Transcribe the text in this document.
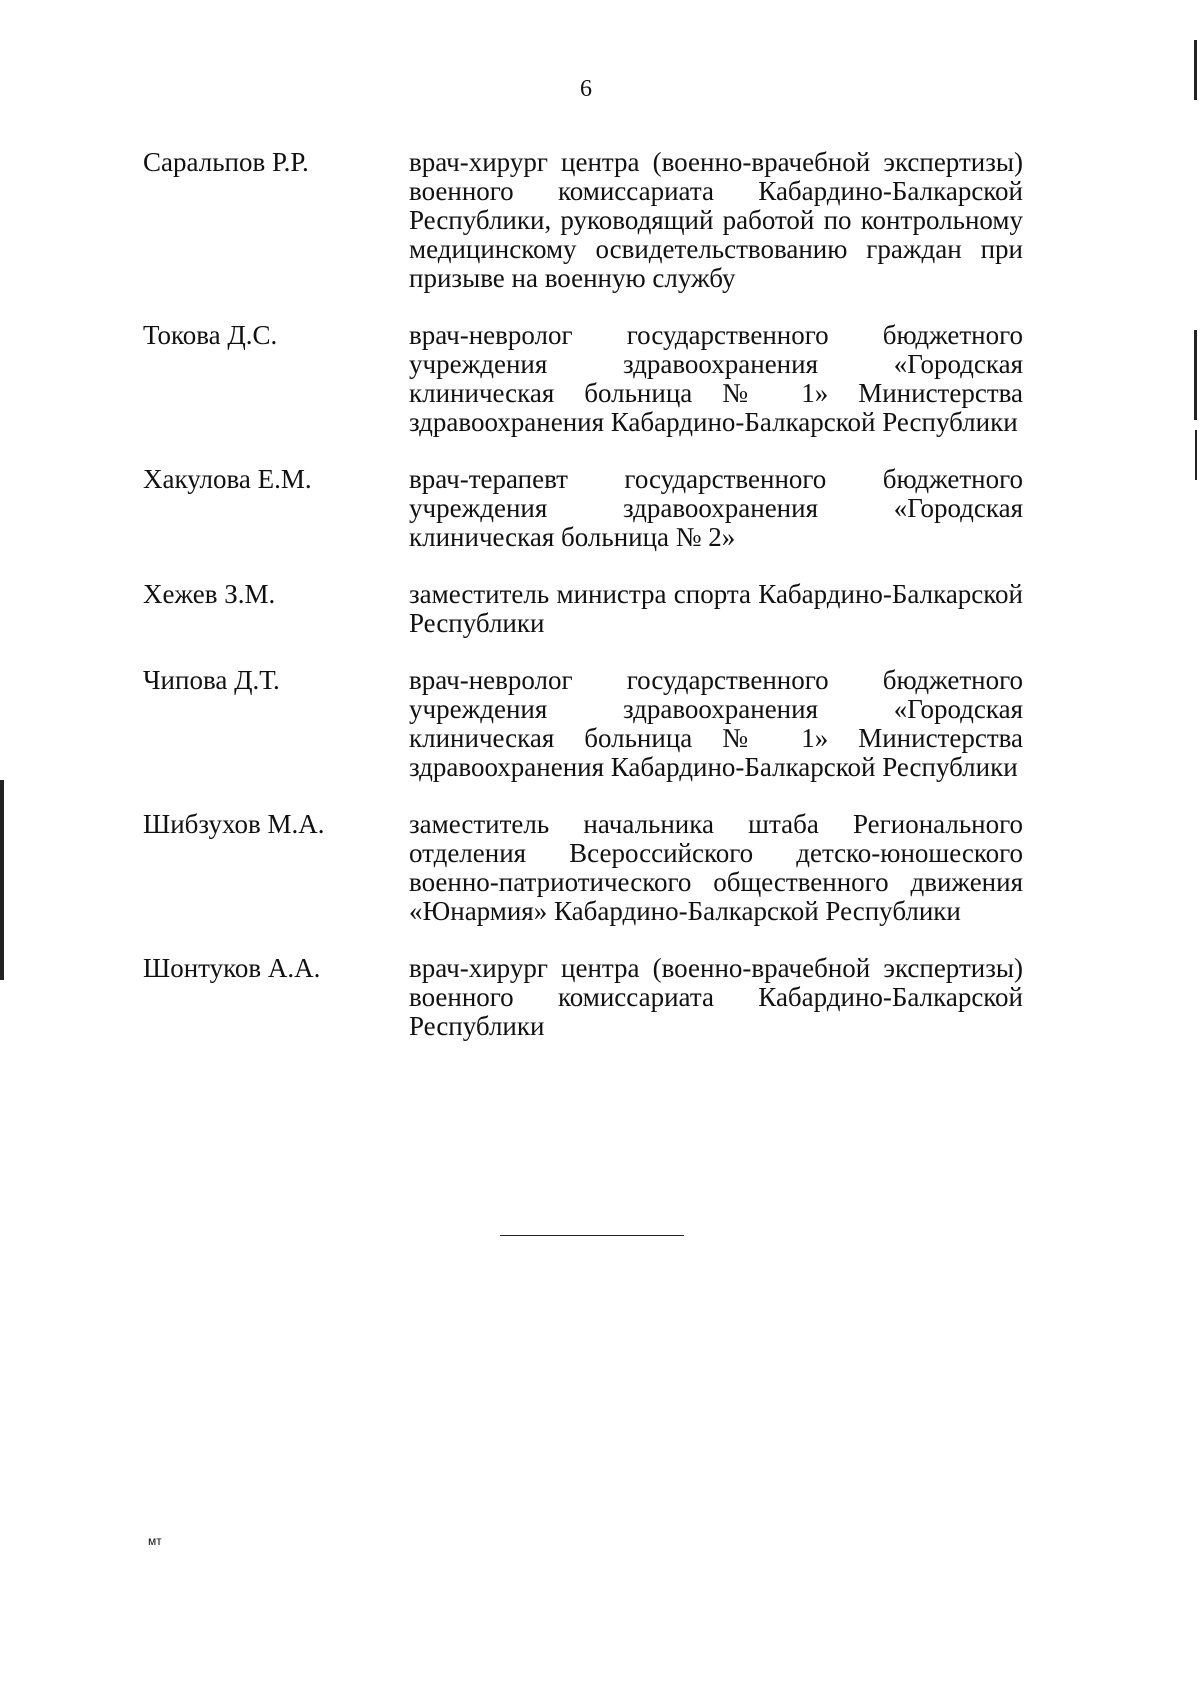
6
Саральпов Р.Р.	врач-хирург центра (военно-врачебной экспертизы) военного комиссариата Кабардино-Балкарской Республики, руководящий работой по контрольному медицинскому освидетельствованию граждан при призыве на военную службу
Токова Д.С.	врач-невролог государственного бюджетного учреждения здравоохранения «Городская клиническая больница № 1» Министерства здравоохранения Кабардино-Балкарской Республики
Хакулова Е.М.	врач-терапевт государственного бюджетного учреждения здравоохранения «Городская клиническая больница № 2»
Хежев З.М.	заместитель министра спорта Кабардино-Балкарской Республики
Чипова Д.Т.	врач-невролог государственного бюджетного учреждения здравоохранения «Городская клиническая больница № 1» Министерства здравоохранения Кабардино-Балкарской Республики
Шибзухов М.А.	заместитель начальника штаба Регионального отделения Всероссийского детско-юношеского военно-патриотического общественного движения «Юнармия» Кабардино-Балкарской Республики
Шонтуков А.А.	врач-хирург центра (военно-врачебной экспертизы) военного комиссариата Кабардино-Балкарской Республики
мт
